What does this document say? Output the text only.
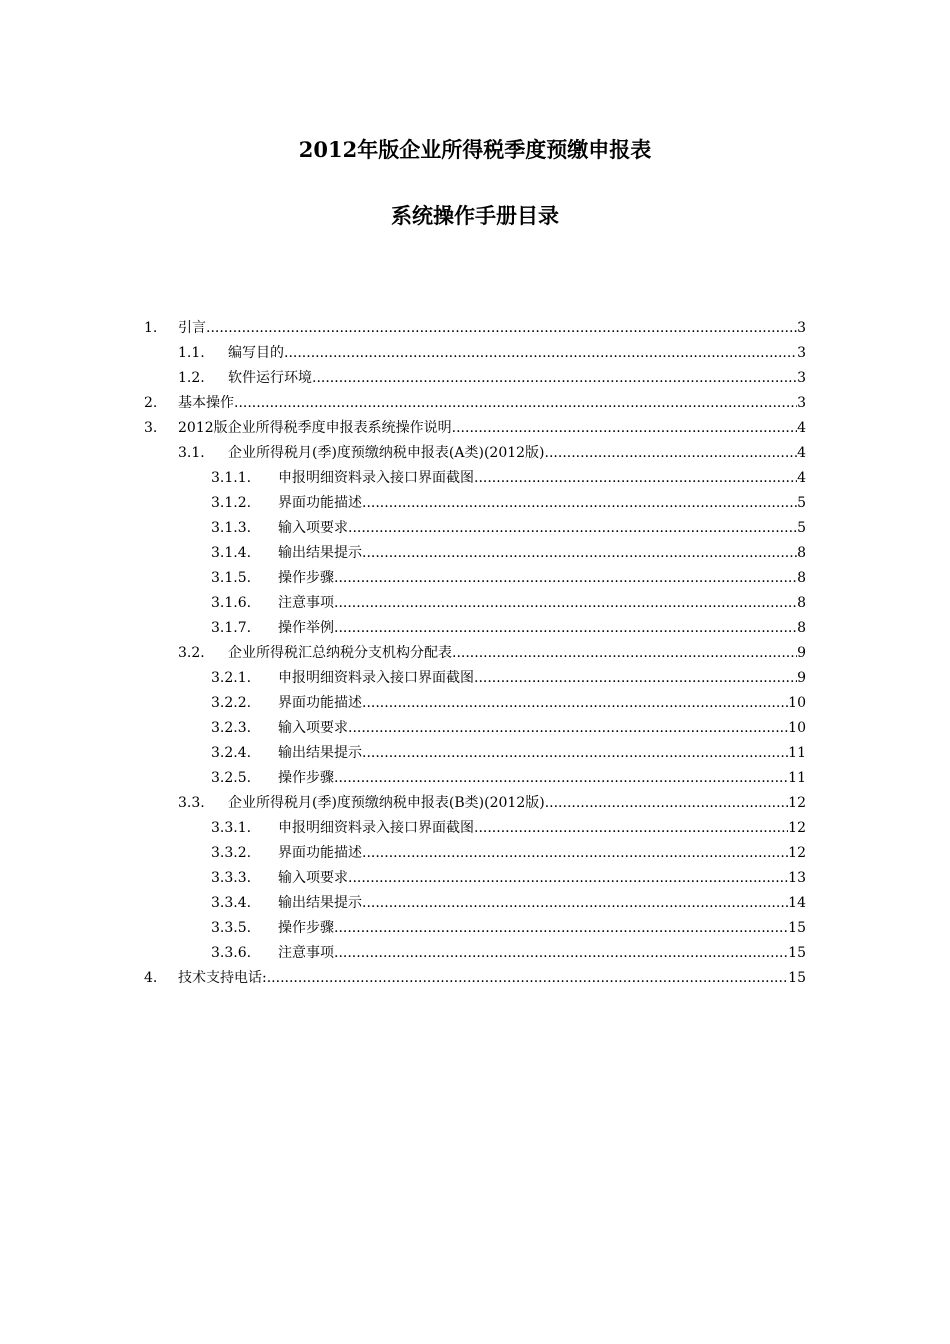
2012年版企业所得税季度预缴申报表
系统操作手册目录
1. 引言 .....	3
1.1. 编写目的 .....	3
1.2. 软件运行环境 .....	3
2. 基本操作 .....	3
3. 2012版企业所得税季度申报表系统操作说明 .....	4
3.1. 企业所得税月(季)度预缴纳税申报表(A类)(2012版) .....	4
3.1.1. 申报明细资料录入接口界面截图 .....	4
3.1.2. 界面功能描述 .....	5
3.1.3. 输入项要求 .....	5
3.1.4. 输出结果提示 .....	8
3.1.5. 操作步骤 .....	8
3.1.6. 注意事项 .....	8
3.1.7. 操作举例 .....	8
3.2. 企业所得税汇总纳税分支机构分配表 .....	9
3.2.1. 申报明细资料录入接口界面截图 .....	9
3.2.2. 界面功能描述 .....	10
3.2.3. 输入项要求 .....	10
3.2.4. 输出结果提示 .....	11
3.2.5. 操作步骤 .....	11
3.3. 企业所得税月(季)度预缴纳税申报表(B类)(2012版) .....	12
3.3.1. 申报明细资料录入接口界面截图 .....	12
3.3.2. 界面功能描述 .....	12
3.3.3. 输入项要求 .....	13
3.3.4. 输出结果提示 .....	14
3.3.5. 操作步骤 .....	15
3.3.6. 注意事项 .....	15
4. 技术支持电话: .....	15
